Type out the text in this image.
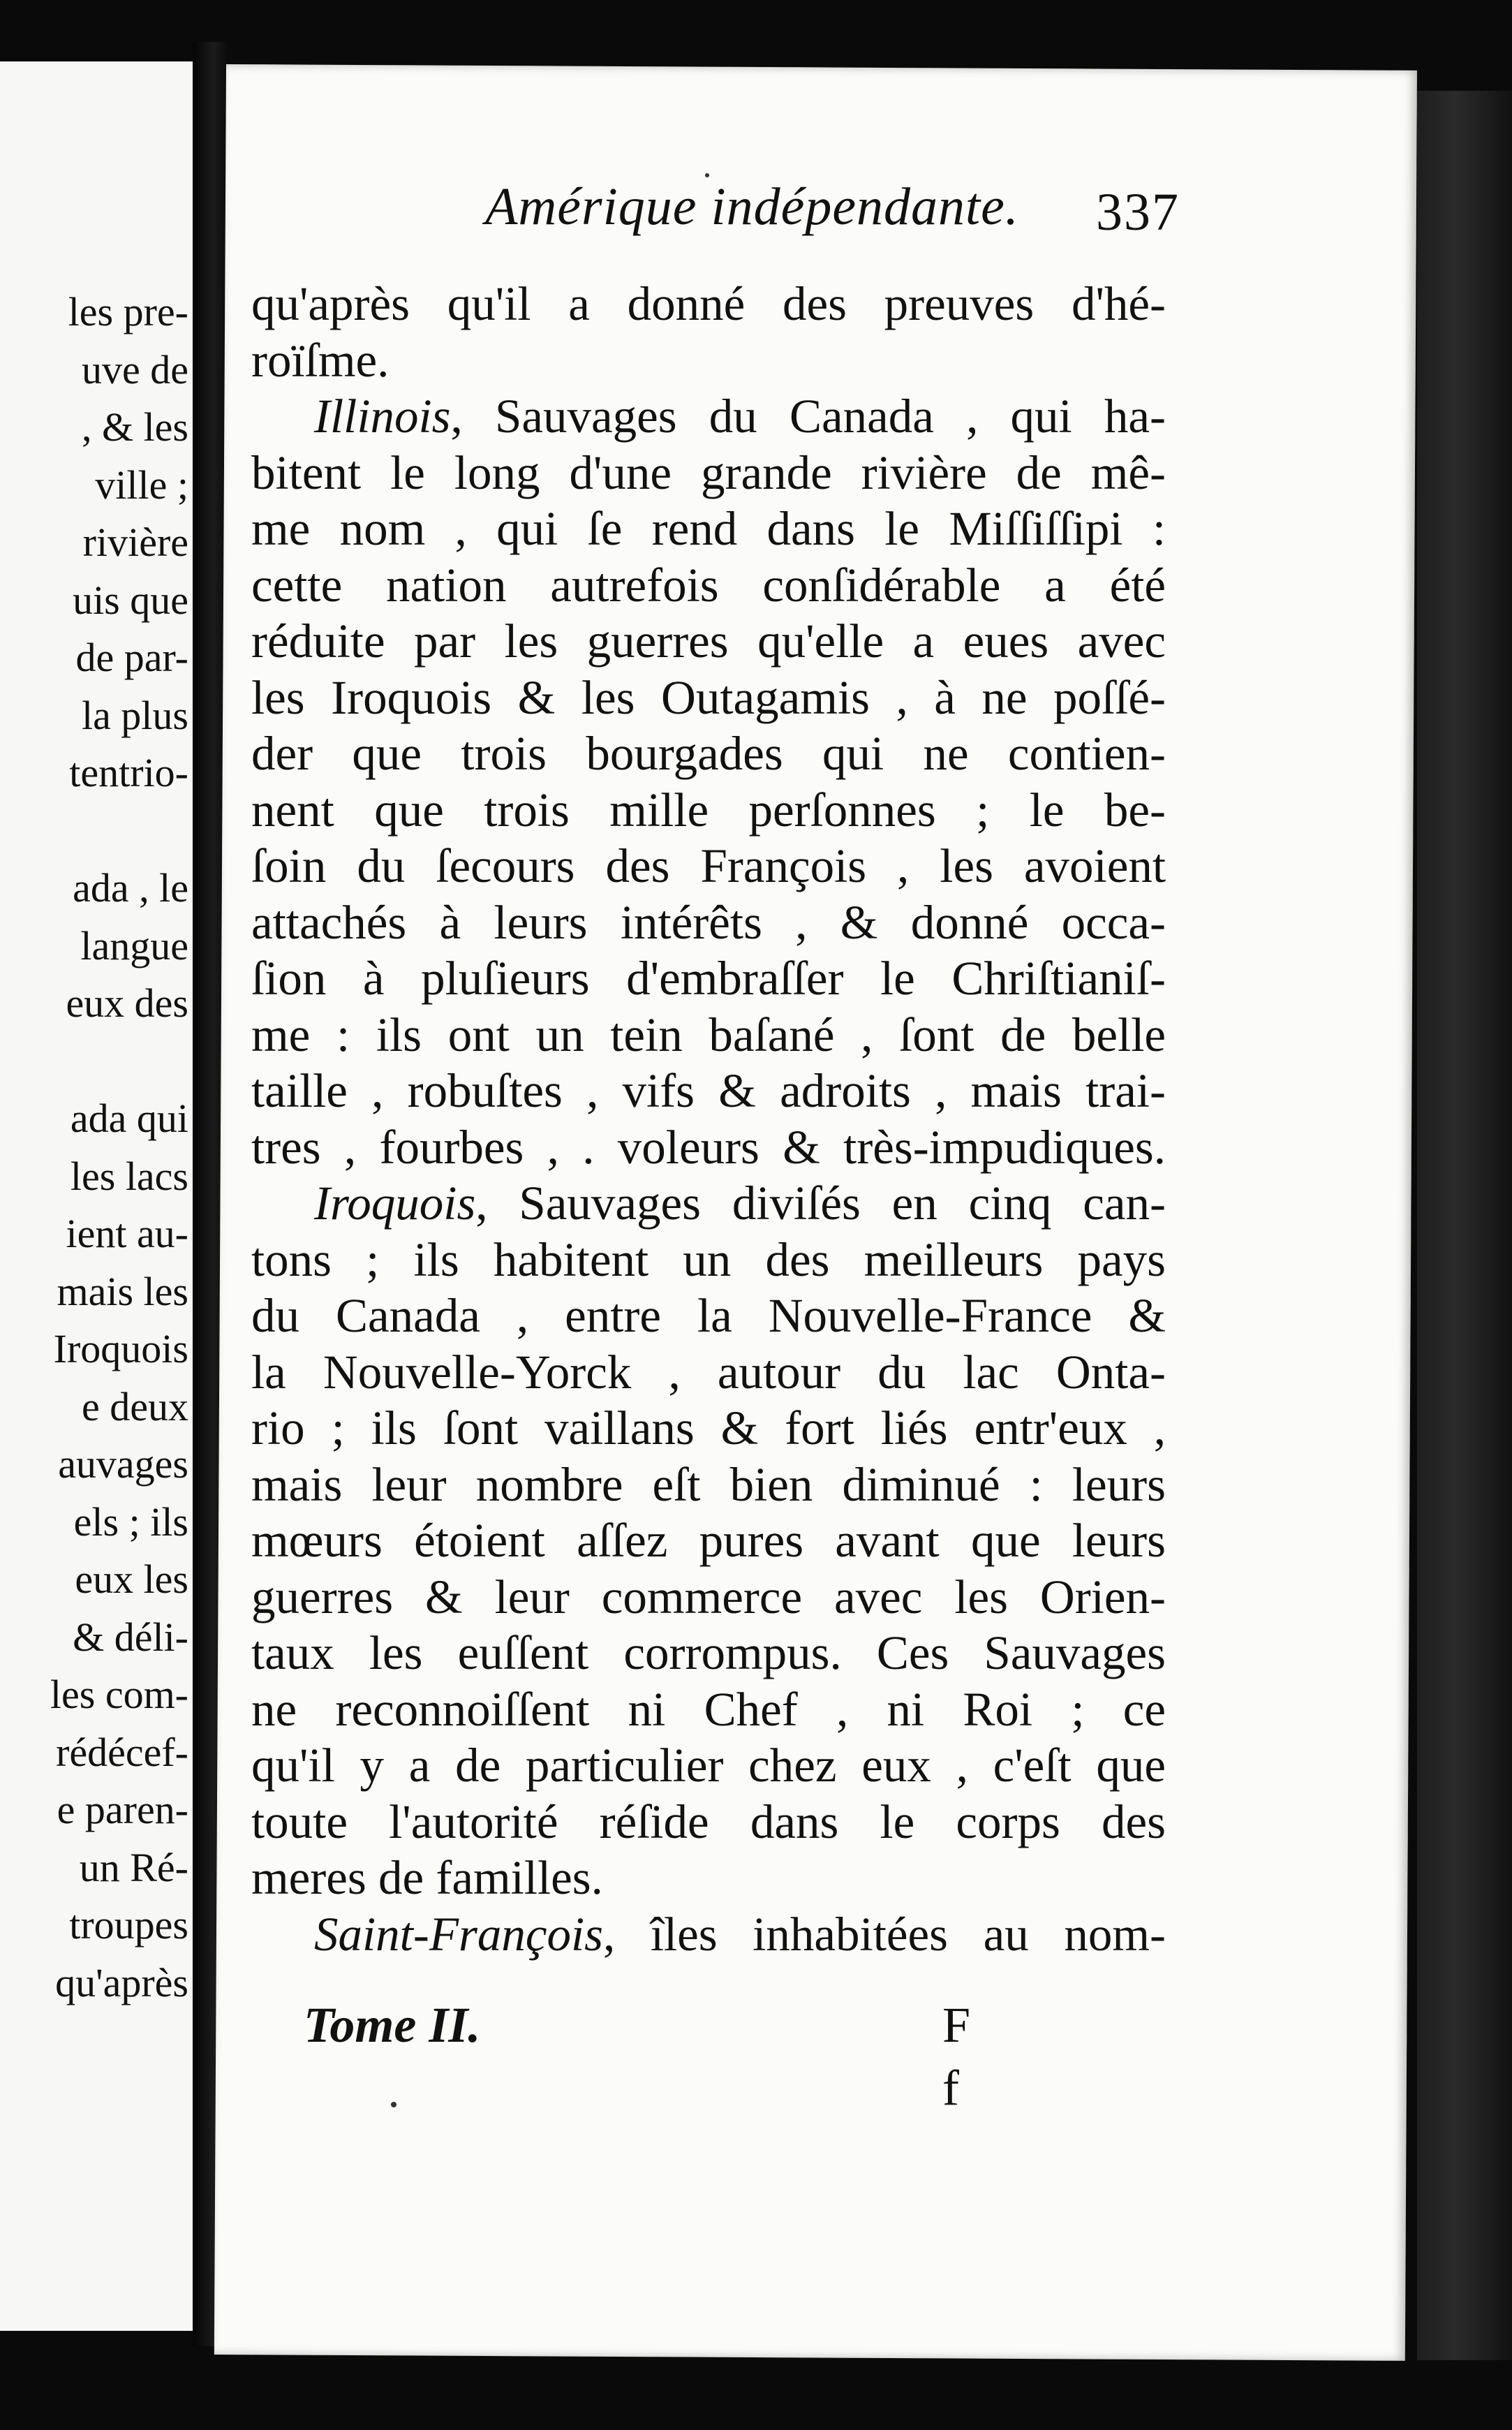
les pre-
uve de
, & les
ville ;
rivière
uis que
de par-
la plus
tentrio-
ada , le
langue
eux des
ada qui
les lacs
ient au-
mais les
Iroquois
e deux
auvages
els ; ils
eux les
& déli-
les com-
rédécef-
e paren-
un Ré-
troupes
qu'après
Amérique indépendante. 337
qu'après qu'il a donné des preuves d'hé-
roïſme.
Illinois, Sauvages du Canada , qui ha-
bitent le long d'une grande rivière de mê-
me nom , qui ſe rend dans le Miſſiſſipi :
cette nation autrefois conſidérable a été
réduite par les guerres qu'elle a eues avec
les Iroquois & les Outagamis , à ne poſſé-
der que trois bourgades qui ne contien-
nent que trois mille perſonnes ; le be-
ſoin du ſecours des François , les avoient
attachés à leurs intérêts , & donné occa-
ſion à pluſieurs d'embraſſer le Chriſtianiſ-
me : ils ont un tein baſané , ſont de belle
taille , robuſtes , vifs & adroits , mais trai-
tres , fourbes , . voleurs & très-impudiques.
Iroquois, Sauvages diviſés en cinq can-
tons ; ils habitent un des meilleurs pays
du Canada , entre la Nouvelle-France &
la Nouvelle-Yorck , autour du lac Onta-
rio ; ils ſont vaillans & fort liés entr'eux ,
mais leur nombre eſt bien diminué : leurs
mœurs étoient aſſez pures avant que leurs
guerres & leur commerce avec les Orien-
taux les euſſent corrompus. Ces Sauvages
ne reconnoiſſent ni Chef , ni Roi ; ce
qu'il y a de particulier chez eux , c'eſt que
toute l'autorité réſide dans le corps des
meres de familles.
Saint-François, îles inhabitées au nom-
Tome II.	F f
